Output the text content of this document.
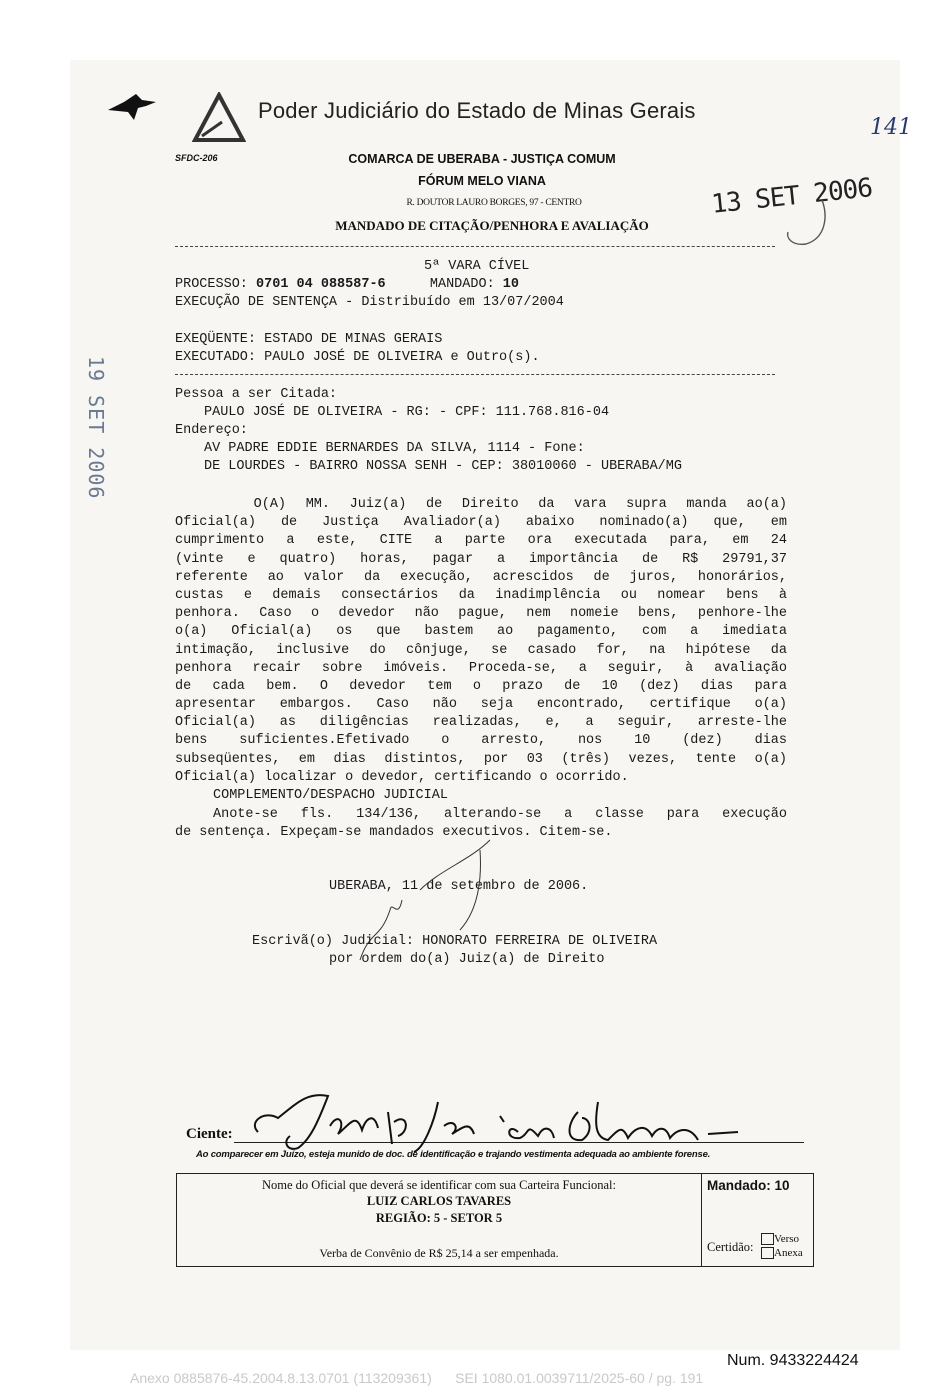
Poder Judiciário do Estado de Minas Gerais
141
SFDC-206	COMARCA DE UBERABA - JUSTIÇA COMUM
FÓRUM MELO VIANA
R. DOUTOR LAURO BORGES, 97 - CENTRO
MANDADO DE CITAÇÃO/PENHORA E AVALIAÇÃO
13 SET 2006
19 SET 2006
5ª VARA CÍVEL
PROCESSO: 0701 04 088587-6	MANDADO: 10
EXECUÇÃO DE SENTENÇA - Distribuído em 13/07/2004
EXEQÜENTE: ESTADO DE MINAS GERAIS
EXECUTADO: PAULO JOSÉ DE OLIVEIRA e Outro(s).
Pessoa a ser Citada:
PAULO JOSÉ DE OLIVEIRA - RG: - CPF: 111.768.816-04
Endereço:
AV PADRE EDDIE BERNARDES DA SILVA, 1114 - Fone:
DE LOURDES - BAIRRO NOSSA SENH - CEP: 38010060 - UBERABA/MG
O(A) MM. Juiz(a) de Direito da vara supra manda ao(a)
Oficial(a) de Justiça Avaliador(a) abaixo nominado(a) que, em
cumprimento a este, CITE a parte ora executada para, em 24
(vinte e quatro) horas, pagar a importância de R$ 29791,37
referente ao valor da execução, acrescidos de juros, honorários,
custas e demais consectários da inadimplência ou nomear bens à
penhora. Caso o devedor não pague, nem nomeie bens, penhore-lhe
o(a) Oficial(a) os que bastem ao pagamento, com a imediata
intimação, inclusive do cônjuge, se casado for, na hipótese da
penhora recair sobre imóveis. Proceda-se, a seguir, à avaliação
de cada bem. O devedor tem o prazo de 10 (dez) dias para
apresentar embargos. Caso não seja encontrado, certifique o(a)
Oficial(a) as diligências realizadas, e, a seguir, arreste-lhe
bens suficientes.Efetivado o arresto, nos 10 (dez) dias
subseqüentes, em dias distintos, por 03 (três) vezes, tente o(a)
Oficial(a) localizar o devedor, certificando o ocorrido.
COMPLEMENTO/DESPACHO JUDICIAL
Anote-se fls. 134/136, alterando-se a classe para execução
de sentença. Expeçam-se mandados executivos. Citem-se.
UBERABA, 11 de setembro de 2006.
Escrivã(o) Judicial: HONORATO FERREIRA DE OLIVEIRA
por ordem do(a) Juiz(a) de Direito
Ciente:
Ao comparecer em Juízo, esteja munido de doc. de identificação e trajando vestimenta adequada ao ambiente forense.
Nome do Oficial que deverá se identificar com sua Carteira Funcional:
LUIZ CARLOS TAVARES
REGIÃO: 5 - SETOR 5
Verba de Convênio de R$ 25,14 a ser empenhada.
Mandado: 10
Certidão:
Verso
Anexa
Num. 9433224424
Anexo 0885876-45.2004.8.13.0701 (113209361)      SEI 1080.01.0039711/2025-60 / pg. 191
